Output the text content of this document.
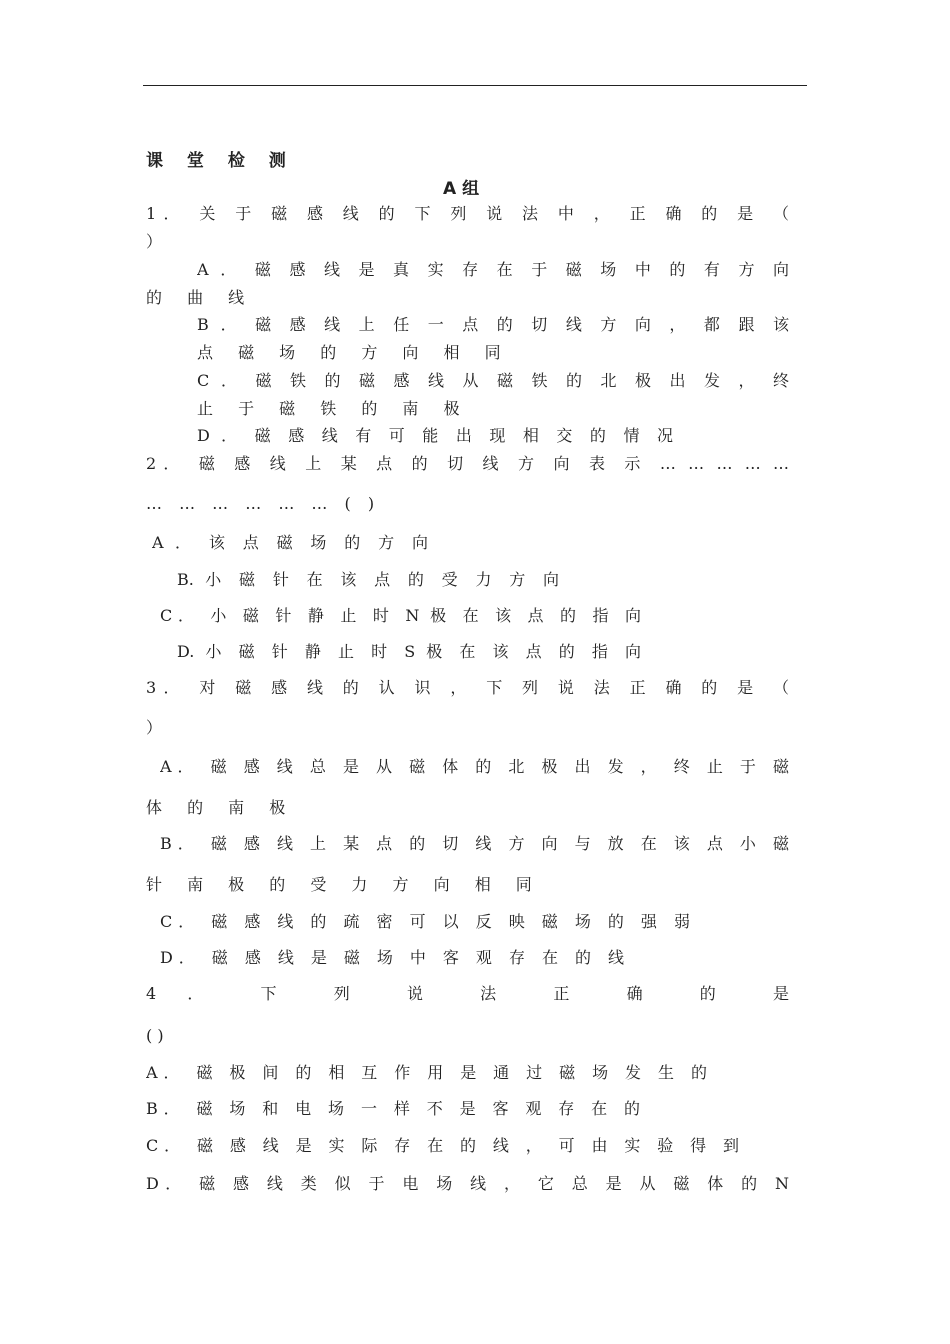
课 堂 检 测
A 组
1． 关 于 磁 感 线 的 下 列 说 法 中 ， 正 确 的 是 （
）
A ． 磁 感 线 是 真 实 存 在 于 磁 场 中 的 有 方 向
的 曲 线
B ． 磁 感 线 上 任 一 点 的 切 线 方 向 ， 都 跟 该
点 磁 场 的 方 向 相 同
C ． 磁 铁 的 磁 感 线 从 磁 铁 的 北 极 出 发 ， 终
止 于 磁 铁 的 南 极
D ． 磁 感 线 有 可 能 出 现 相 交 的 情 况
2． 磁 感 线 上 某 点 的 切 线 方 向 表 示 … … … … …
… … … … … … ( )
A ． 该 点 磁 场 的 方 向
B. 小 磁 针 在 该 点 的 受 力 方 向
C． 小 磁 针 静 止 时 N 极 在 该 点 的 指 向
D. 小 磁 针 静 止 时 S 极 在 该 点 的 指 向
3． 对 磁 感 线 的 认 识 ， 下 列 说 法 正 确 的 是 （
）
A． 磁 感 线 总 是 从 磁 体 的 北 极 出 发 ， 终 止 于 磁
体 的 南 极
B． 磁 感 线 上 某 点 的 切 线 方 向 与 放 在 该 点 小 磁
针 南 极 的 受 力 方 向 相 同
C． 磁 感 线 的 疏 密 可 以 反 映 磁 场 的 强 弱
D． 磁 感 线 是 磁 场 中 客 观 存 在 的 线
4 ． 下 列 说 法 正 确 的 是
( )
A． 磁 极 间 的 相 互 作 用 是 通 过 磁 场 发 生 的
B． 磁 场 和 电 场 一 样 不 是 客 观 存 在 的
C． 磁 感 线 是 实 际 存 在 的 线 ， 可 由 实 验 得 到
D． 磁 感 线 类 似 于 电 场 线 ， 它 总 是 从 磁 体 的 N
